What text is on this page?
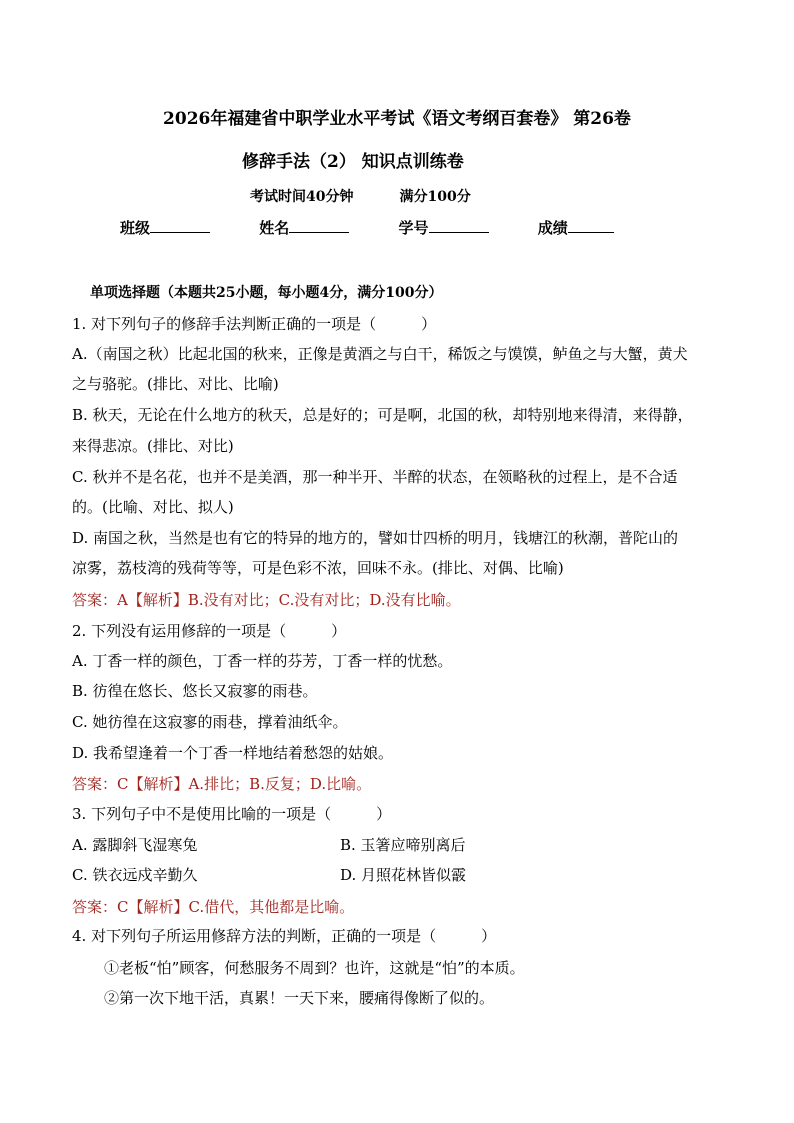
2026年福建省中职学业水平考试《语文考纲百套卷》 第26卷
修辞手法（2） 知识点训练卷
考试时间40分钟	满分100分
班级	姓名	学号	成绩
单项选择题（本题共25小题，每小题4分，满分100分）
1. 对下列句子的修辞手法判断正确的一项是（　　　）
A.（南国之秋）比起北国的秋来，正像是黄酒之与白干，稀饭之与馍馍，鲈鱼之与大蟹，黄犬
之与骆驼。(排比、对比、比喻)
B. 秋天，无论在什么地方的秋天，总是好的；可是啊，北国的秋，却特别地来得清，来得静，
来得悲凉。(排比、对比)
C. 秋并不是名花，也并不是美酒，那一种半开、半醉的状态，在领略秋的过程上，是不合适
的。(比喻、对比、拟人)
D. 南国之秋，当然是也有它的特异的地方的，譬如廿四桥的明月，钱塘江的秋潮，普陀山的
凉雾，荔枝湾的残荷等等，可是色彩不浓，回味不永。(排比、对偶、比喻)
答案：A【解析】B.没有对比；C.没有对比；D.没有比喻。
2. 下列没有运用修辞的一项是（　　　）
A. 丁香一样的颜色，丁香一样的芬芳，丁香一样的忧愁。
B. 彷徨在悠长、悠长又寂寥的雨巷。
C. 她彷徨在这寂寥的雨巷，撑着油纸伞。
D. 我希望逢着一个丁香一样地结着愁怨的姑娘。
答案：C【解析】A.排比；B.反复；D.比喻。
3. 下列句子中不是使用比喻的一项是（　　　）
A. 露脚斜飞湿寒兔	B. 玉箸应啼别离后
C. 铁衣远戍辛勤久	D. 月照花林皆似霰
答案：C【解析】C.借代，其他都是比喻。
4. 对下列句子所运用修辞方法的判断，正确的一项是（　　　）
①老板“怕”顾客，何愁服务不周到？也许，这就是“怕”的本质。
②第一次下地干活，真累！一天下来，腰痛得像断了似的。
